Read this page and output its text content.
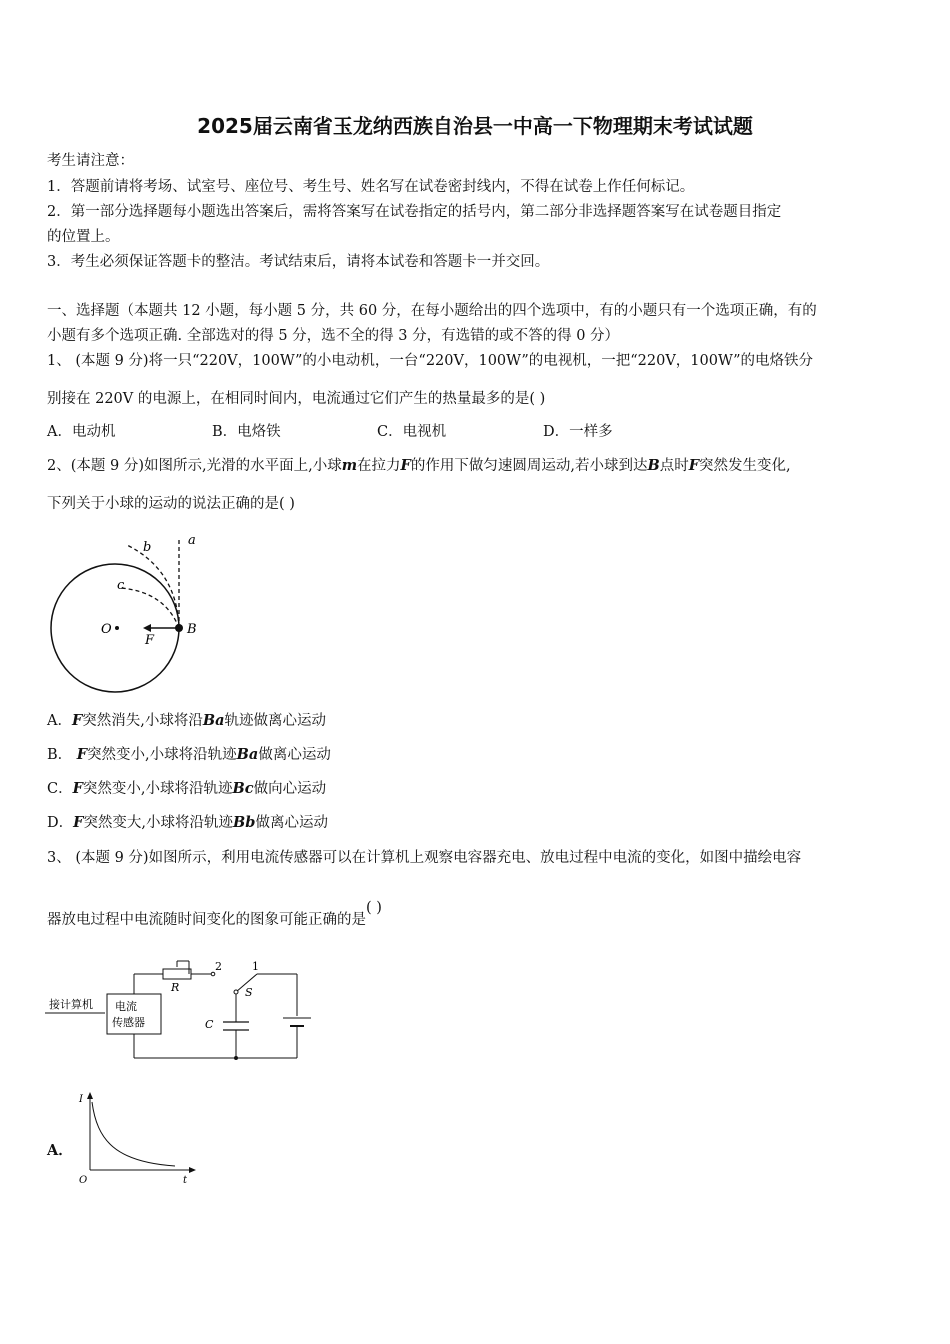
2025届云南省玉龙纳西族自治县一中高一下物理期末考试试题
考生请注意：
1．答题前请将考场、试室号、座位号、考生号、姓名写在试卷密封线内，不得在试卷上作任何标记。
2．第一部分选择题每小题选出答案后，需将答案写在试卷指定的括号内，第二部分非选择题答案写在试卷题目指定
的位置上。
3．考生必须保证答题卡的整洁。考试结束后，请将本试卷和答题卡一并交回。
一、选择题（本题共 12 小题，每小题 5 分，共 60 分，在每小题给出的四个选项中，有的小题只有一个选项正确，有的
小题有多个选项正确. 全部选对的得 5 分，选不全的得 3 分，有选错的或不答的得 0 分）
1、 (本题 9 分)将一只“220V，100W”的小电动机，一台“220V，100W”的电视机，一把“220V，100W”的电烙铁分
别接在 220V 的电源上，在相同时间内，电流通过它们产生的热量最多的是( )
A．电动机	B．电烙铁	C．电视机	D．一样多
2、(本题 9 分)如图所示,光滑的水平面上,小球m在拉力F的作用下做匀速圆周运动,若小球到达B点时F突然发生变化,
下列关于小球的运动的说法正确的是( )
a
b
c
O
F
B
A．F突然消失,小球将沿Ba轨迹做离心运动
B． F突然变小,小球将沿轨迹Ba做离心运动
C．F突然变小,小球将沿轨迹Bc做向心运动
D．F突然变大,小球将沿轨迹Bb做离心运动
3、 (本题 9 分)如图所示，利用电流传感器可以在计算机上观察电容器充电、放电过程中电流的变化，如图中描绘电容
器放电过程中电流随时间变化的图象可能正确的是( )
接计算机 电流
传感器
R
2	1
S
C
A．
I
O	t
